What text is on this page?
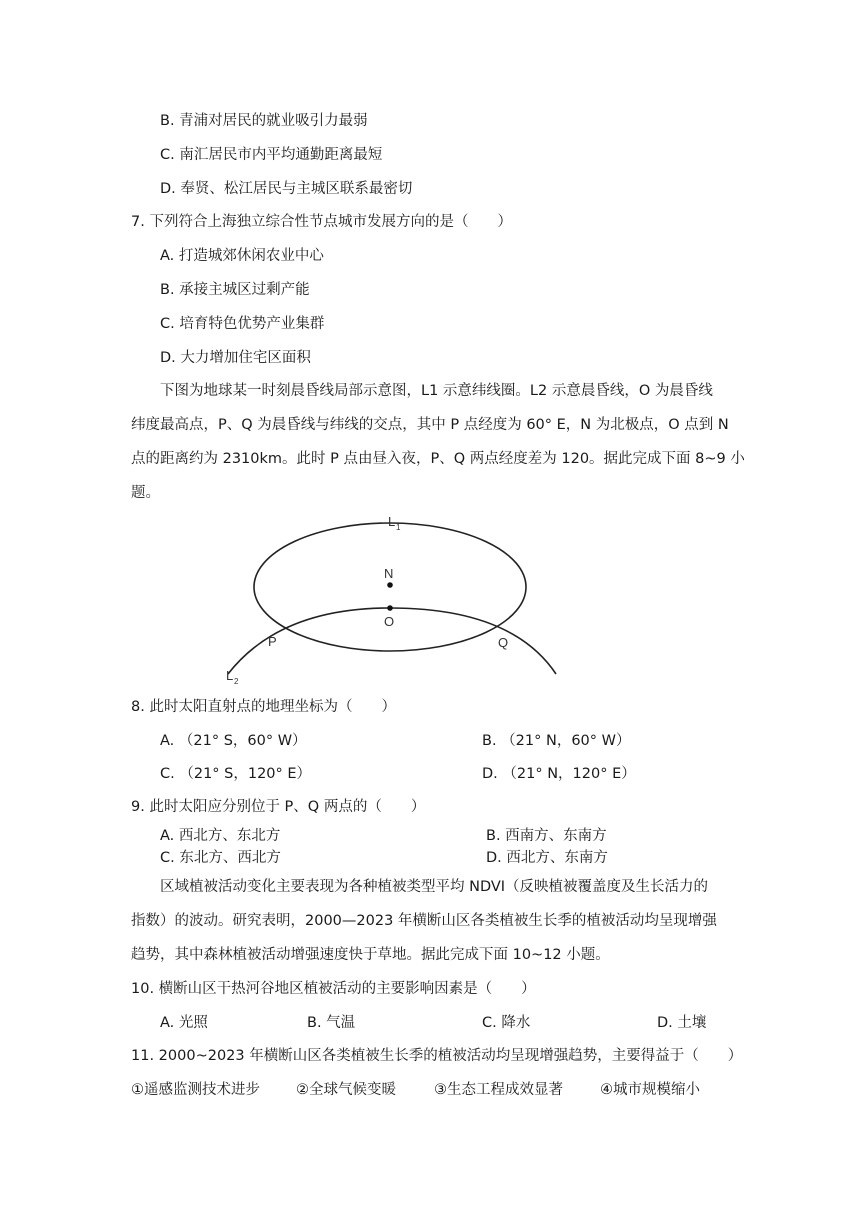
B. 青浦对居民的就业吸引力最弱
C. 南汇居民市内平均通勤距离最短
D. 奉贤、松江居民与主城区联系最密切
7. 下列符合上海独立综合性节点城市发展方向的是（　　）
A. 打造城郊休闲农业中心
B. 承接主城区过剩产能
C. 培育特色优势产业集群
D. 大力增加住宅区面积
下图为地球某一时刻晨昏线局部示意图，L1 示意纬线圈。L2 示意晨昏线，O 为晨昏线
纬度最高点，P、Q 为晨昏线与纬线的交点，其中 P 点经度为 60° E，N 为北极点，O 点到 N
点的距离约为 2310km。此时 P 点由昼入夜，P、Q 两点经度差为 120。据此完成下面 8~9 小
题。
L 1
N
O
P	Q
L 2
8. 此时太阳直射点的地理坐标为（　　）
A. （21° S，60° W）	B. （21° N，60° W）
C. （21° S，120° E）	D. （21° N，120° E）
9. 此时太阳应分别位于 P、Q 两点的（　　）
A. 西北方、东北方	B. 西南方、东南方
C. 东北方、西北方	D. 西北方、东南方
区域植被活动变化主要表现为各种植被类型平均 NDVI（反映植被覆盖度及生长活力的
指数）的波动。研究表明，2000—2023 年横断山区各类植被生长季的植被活动均呈现增强
趋势，其中森林植被活动增强速度快于草地。据此完成下面 10~12 小题。
10. 横断山区干热河谷地区植被活动的主要影响因素是（　　）
A. 光照	B. 气温	C. 降水	D. 土壤
11. 2000~2023 年横断山区各类植被生长季的植被活动均呈现增强趋势，主要得益于（　　）
①遥感监测技术进步 ②全球气候变暖	③生态工程成效显著	④城市规模缩小
